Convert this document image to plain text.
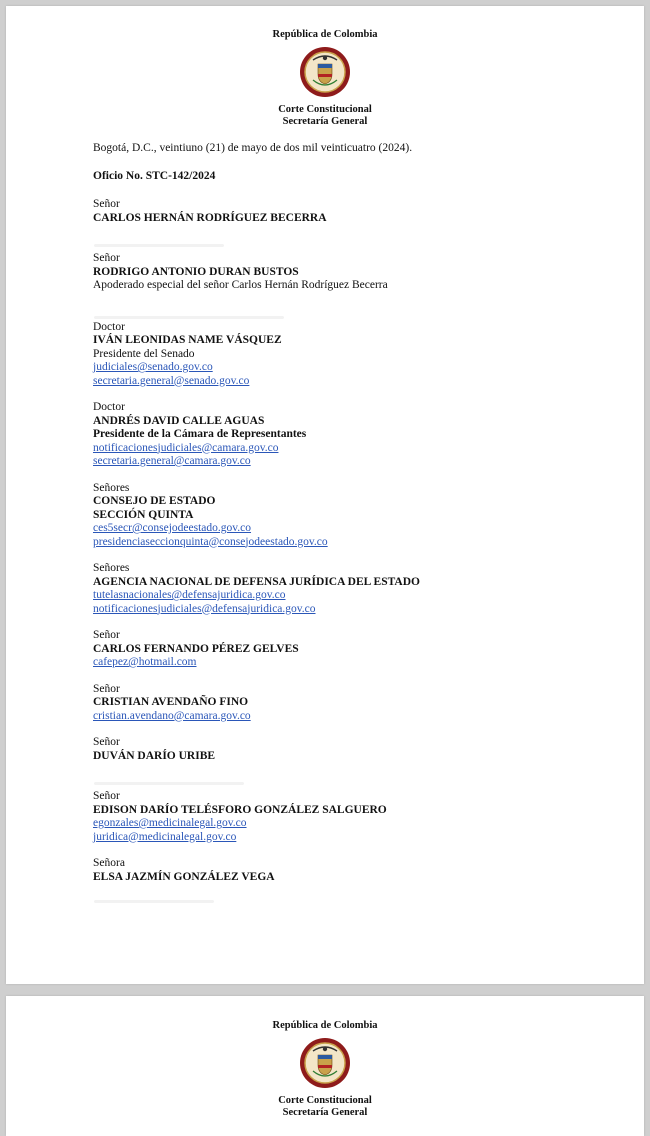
República de Colombia
Corte Constitucional
Secretaría General
Bogotá, D.C., veintiuno (21) de mayo de dos mil veinticuatro (2024).
Oficio No. STC-142/2024
Señor
CARLOS HERNÁN RODRÍGUEZ BECERRA
Señor
RODRIGO ANTONIO DURAN BUSTOS
Apoderado especial del señor Carlos Hernán Rodríguez Becerra
Doctor
IVÁN LEONIDAS NAME VÁSQUEZ
Presidente del Senado
judiciales@senado.gov.co
secretaria.general@senado.gov.co
Doctor
ANDRÉS DAVID CALLE AGUAS
Presidente de la Cámara de Representantes
notificacionesjudiciales@camara.gov.co
secretaria.general@camara.gov.co
Señores
CONSEJO DE ESTADO
SECCIÓN QUINTA
ces5secr@consejodeestado.gov.co
presidenciaseccionquinta@consejodeestado.gov.co
Señores
AGENCIA NACIONAL DE DEFENSA JURÍDICA DEL ESTADO
tutelasnacionales@defensajuridica.gov.co
notificacionesjudiciales@defensajuridica.gov.co
Señor
CARLOS FERNANDO PÉREZ GELVES
cafepez@hotmail.com
Señor
CRISTIAN AVENDAÑO FINO
cristian.avendano@camara.gov.co
Señor
DUVÁN DARÍO URIBE
Señor
EDISON DARÍO TELÉSFORO GONZÁLEZ SALGUERO
egonzales@medicinalegal.gov.co
juridica@medicinalegal.gov.co
Señora
ELSA JAZMÍN GONZÁLEZ VEGA
República de Colombia
Corte Constitucional
Secretaría General
